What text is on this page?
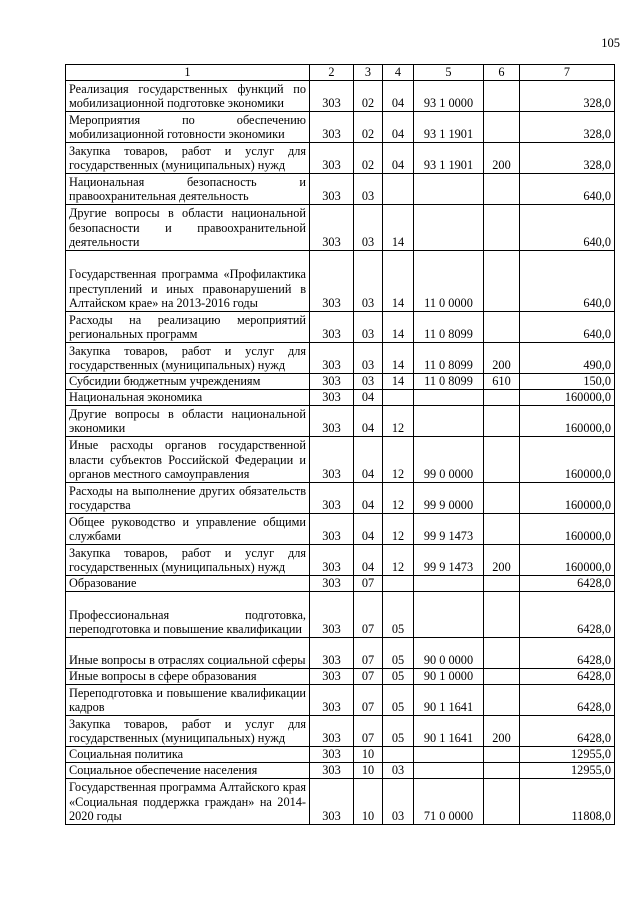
105
1	2	3	4	5	6	7
Реализация государственных функций по мобилизационной подготовке экономики	303	02	04	93 1 0000		328,0
Мероприятия по обеспечению мобилизационной готовности экономики	303	02	04	93 1 1901		328,0
Закупка товаров, работ и услуг для государственных (муниципальных) нужд	303	02	04	93 1 1901	200	328,0
Национальная безопасность и правоохранительная деятельность	303	03				640,0
Другие вопросы в области национальной безопасности и правоохранительной деятельности	303	03	14			640,0
Государственная программа «Профилактика преступлений и иных правонарушений в Алтайском крае» на 2013-2016 годы	303	03	14	11 0 0000		640,0
Расходы на реализацию мероприятий региональных программ	303	03	14	11 0 8099		640,0
Закупка товаров, работ и услуг для государственных (муниципальных) нужд	303	03	14	11 0 8099	200	490,0
Субсидии бюджетным учреждениям	303	03	14	11 0 8099	610	150,0
Национальная экономика	303	04				160000,0
Другие вопросы в области национальной экономики	303	04	12			160000,0
Иные расходы органов государственной власти субъектов Российской Федерации и органов местного самоуправления	303	04	12	99 0 0000		160000,0
Расходы на выполнение других обязательств государства	303	04	12	99 9 0000		160000,0
Общее руководство и управление общими службами	303	04	12	99 9 1473		160000,0
Закупка товаров, работ и услуг для государственных (муниципальных) нужд	303	04	12	99 9 1473	200	160000,0
Образование	303	07				6428,0
Профессиональная подготовка, переподготовка и повышение квалификации	303	07	05			6428,0
Иные вопросы в отраслях социальной сферы	303	07	05	90 0 0000		6428,0
Иные вопросы в сфере образования	303	07	05	90 1 0000		6428,0
Переподготовка и повышение квалификации кадров	303	07	05	90 1 1641		6428,0
Закупка товаров, работ и услуг для государственных (муниципальных) нужд	303	07	05	90 1 1641	200	6428,0
Социальная политика	303	10				12955,0
Социальное обеспечение населения	303	10	03			12955,0
Государственная программа Алтайского края «Социальная поддержка граждан» на 2014-2020 годы	303	10	03	71 0 0000		11808,0
